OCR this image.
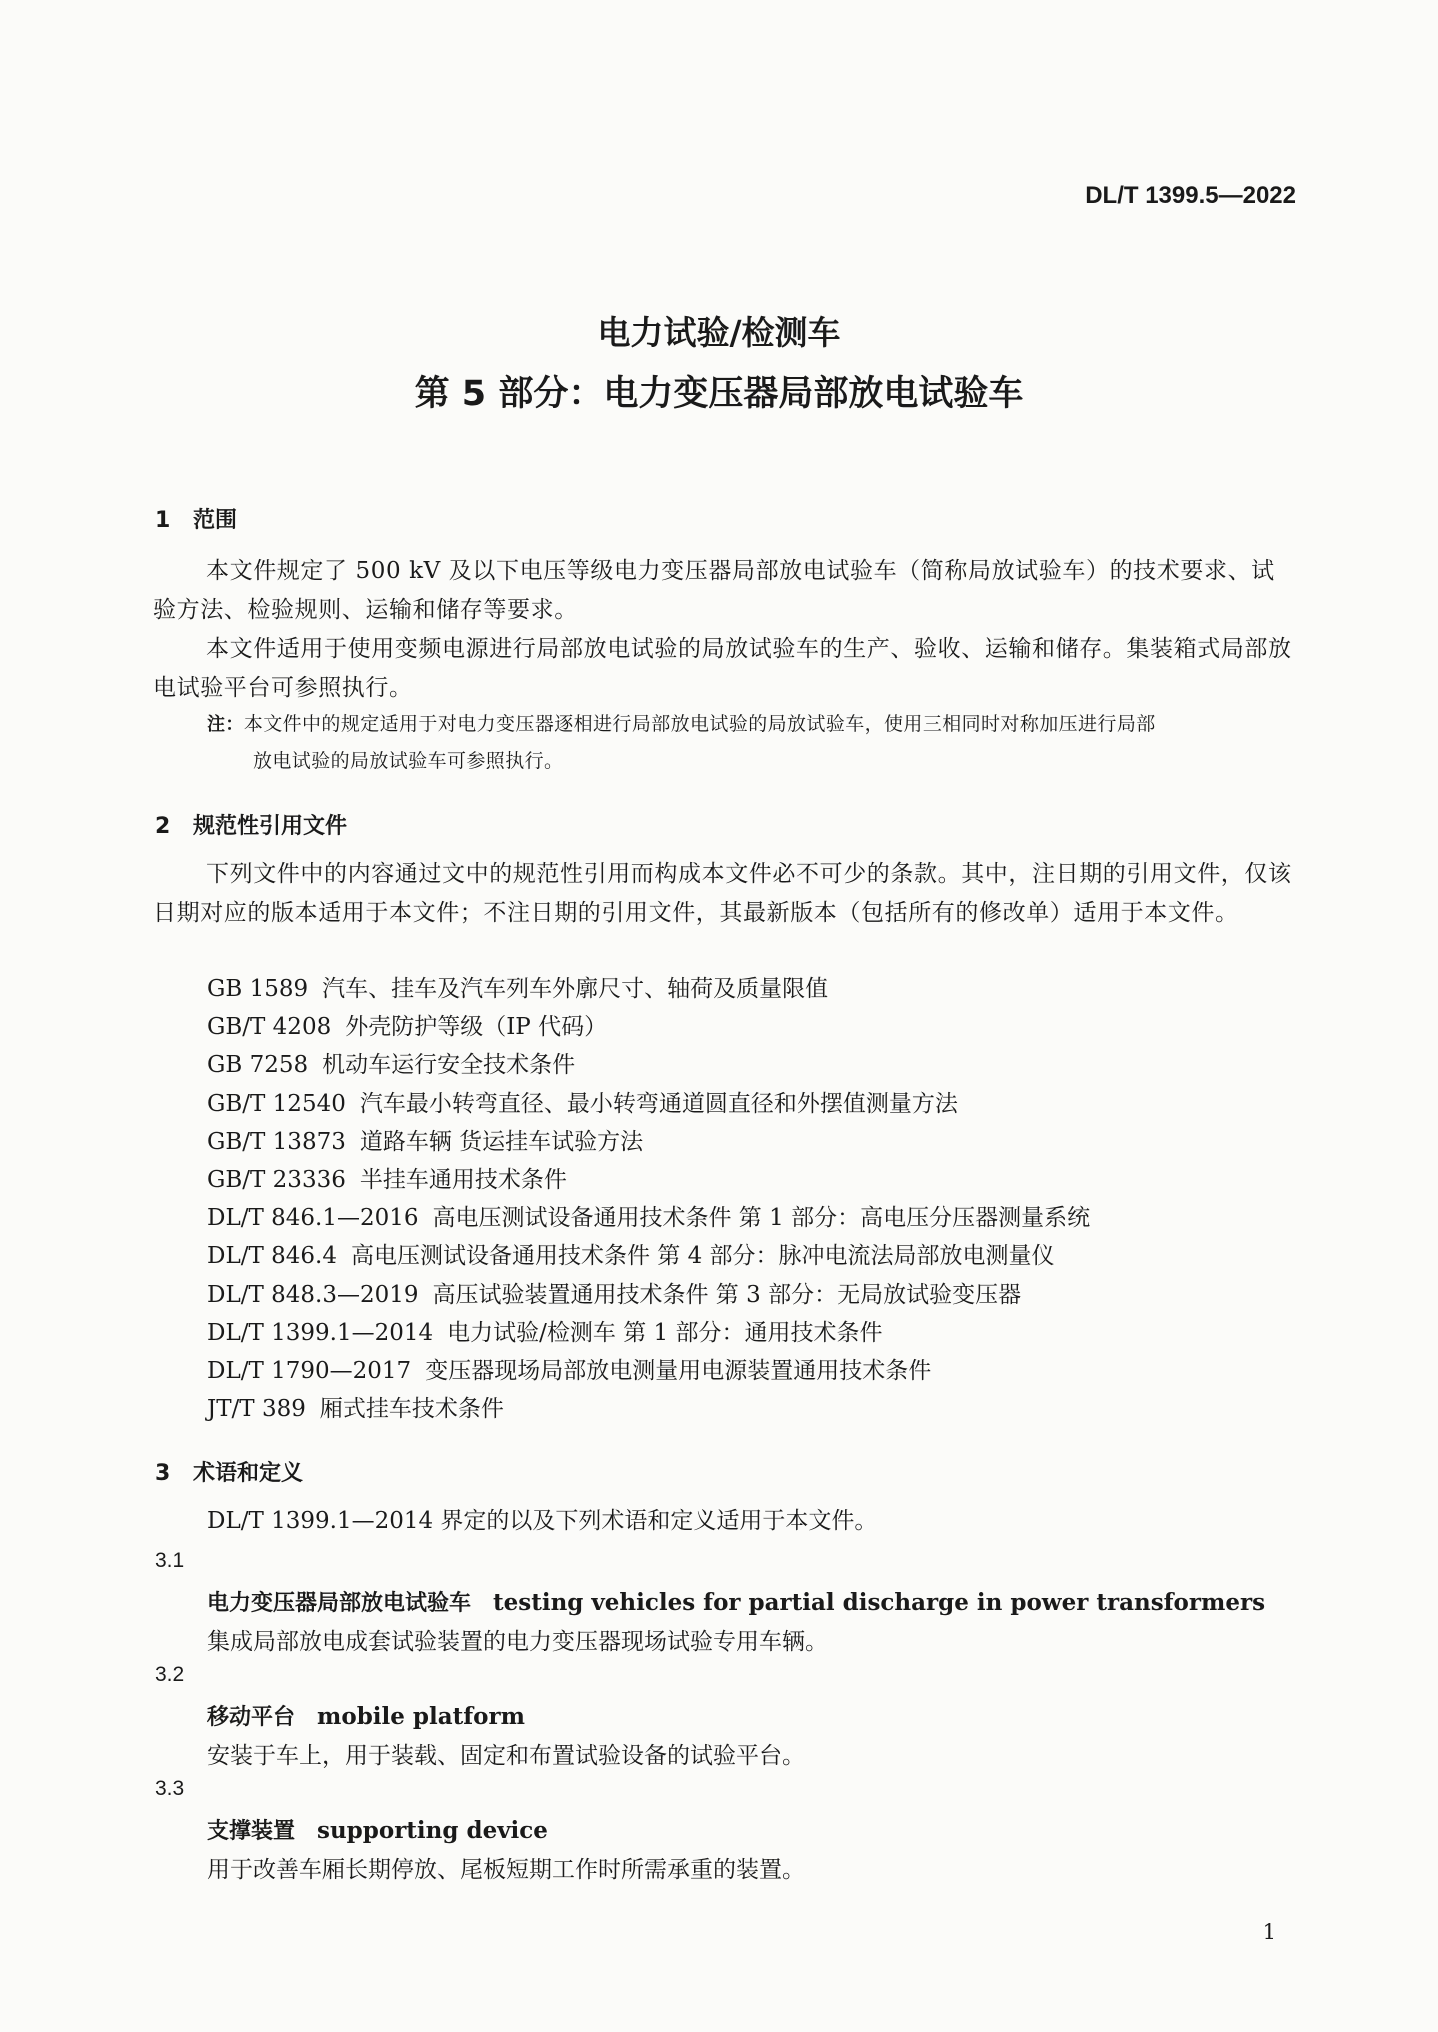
DL/T 1399.5—2022
电力试验/检测车
第 5 部分：电力变压器局部放电试验车
1 范围
本文件规定了 500 kV 及以下电压等级电力变压器局部放电试验车（简称局放试验车）的技术要求、试验方法、检验规则、运输和储存等要求。
本文件适用于使用变频电源进行局部放电试验的局放试验车的生产、验收、运输和储存。集装箱式局部放电试验平台可参照执行。
注：本文件中的规定适用于对电力变压器逐相进行局部放电试验的局放试验车，使用三相同时对称加压进行局部
放电试验的局放试验车可参照执行。
2 规范性引用文件
下列文件中的内容通过文中的规范性引用而构成本文件必不可少的条款。其中，注日期的引用文件，仅该日期对应的版本适用于本文件；不注日期的引用文件，其最新版本（包括所有的修改单）适用于本文件。
GB 1589 汽车、挂车及汽车列车外廓尺寸、轴荷及质量限值
GB/T 4208 外壳防护等级（IP 代码）
GB 7258 机动车运行安全技术条件
GB/T 12540 汽车最小转弯直径、最小转弯通道圆直径和外摆值测量方法
GB/T 13873 道路车辆 货运挂车试验方法
GB/T 23336 半挂车通用技术条件
DL/T 846.1—2016 高电压测试设备通用技术条件 第 1 部分：高电压分压器测量系统
DL/T 846.4 高电压测试设备通用技术条件 第 4 部分：脉冲电流法局部放电测量仪
DL/T 848.3—2019 高压试验装置通用技术条件 第 3 部分：无局放试验变压器
DL/T 1399.1—2014 电力试验/检测车 第 1 部分：通用技术条件
DL/T 1790—2017 变压器现场局部放电测量用电源装置通用技术条件
JT/T 389 厢式挂车技术条件
3 术语和定义
DL/T 1399.1—2014 界定的以及下列术语和定义适用于本文件。
3.1
电力变压器局部放电试验车 testing vehicles for partial discharge in power transformers
集成局部放电成套试验装置的电力变压器现场试验专用车辆。
3.2
移动平台 mobile platform
安装于车上，用于装载、固定和布置试验设备的试验平台。
3.3
支撑装置 supporting device
用于改善车厢长期停放、尾板短期工作时所需承重的装置。
1
